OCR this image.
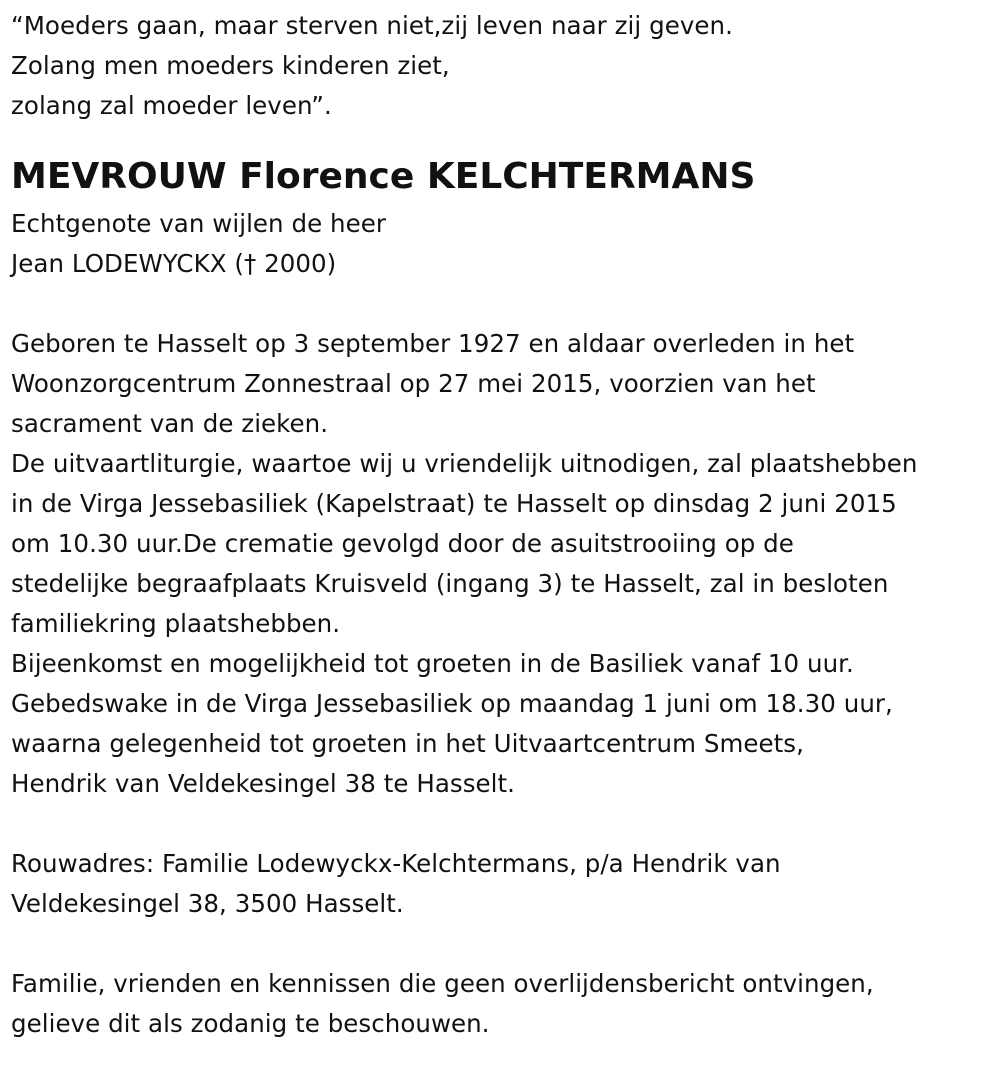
“Moeders gaan, maar sterven niet,zij leven naar zij geven.
Zolang men moeders kinderen ziet,
zolang zal moeder leven”.
MEVROUW Florence KELCHTERMANS
Echtgenote van wijlen de heer
Jean LODEWYCKX († 2000)
Geboren te Hasselt op 3 september 1927 en aldaar overleden in het
Woonzorgcentrum Zonnestraal op 27 mei 2015, voorzien van het
sacrament van de zieken.
De uitvaartliturgie, waartoe wij u vriendelijk uitnodigen, zal plaatshebben
in de Virga Jessebasiliek (Kapelstraat) te Hasselt op dinsdag 2 juni 2015
om 10.30 uur.De crematie gevolgd door de asuitstrooiing op de
stedelijke begraafplaats Kruisveld (ingang 3) te Hasselt, zal in besloten
familiekring plaatshebben.
Bijeenkomst en mogelijkheid tot groeten in de Basiliek vanaf 10 uur.
Gebedswake in de Virga Jessebasiliek op maandag 1 juni om 18.30 uur,
waarna gelegenheid tot groeten in het Uitvaartcentrum Smeets,
Hendrik van Veldekesingel 38 te Hasselt.
Rouwadres: Familie Lodewyckx-Kelchtermans, p/a Hendrik van
Veldekesingel 38, 3500 Hasselt.
Familie, vrienden en kennissen die geen overlijdensbericht ontvingen,
gelieve dit als zodanig te beschouwen.
